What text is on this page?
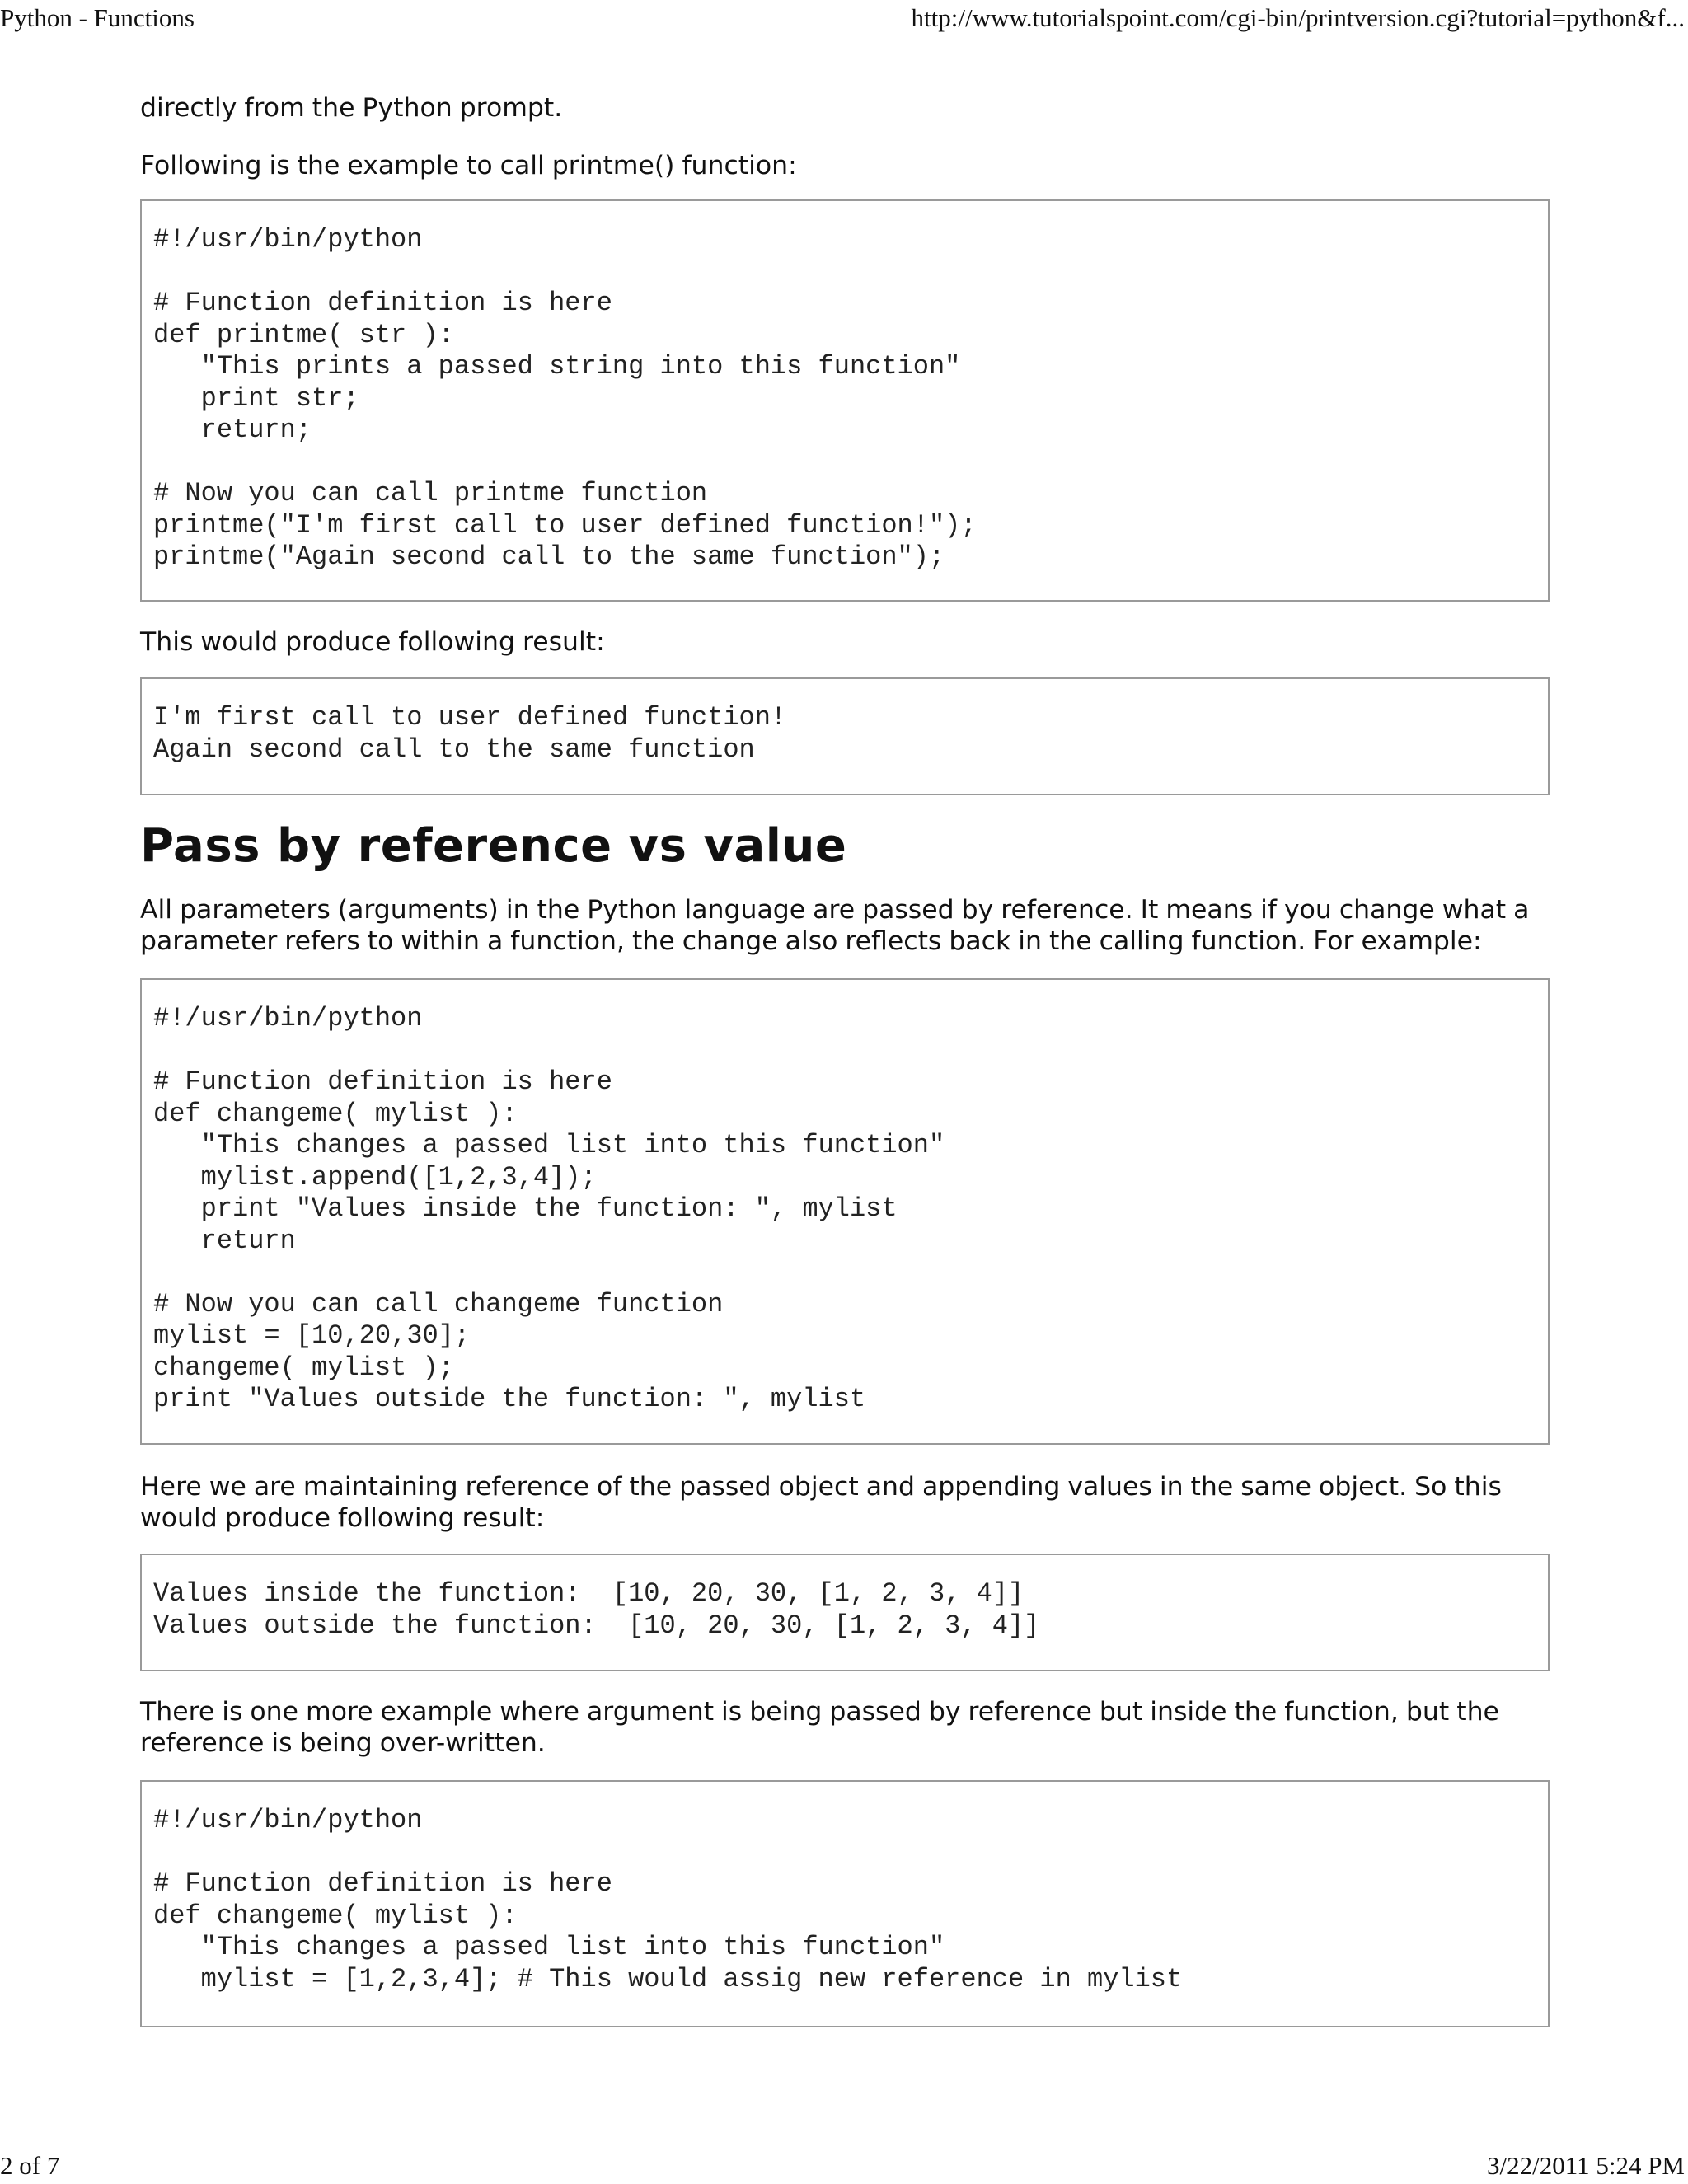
Python - Functions	http://www.tutorialspoint.com/cgi-bin/printversion.cgi?tutorial=python&f...

directly from the Python prompt.

Following is the example to call printme() function:

#!/usr/bin/python

# Function definition is here
def printme( str ):
"This prints a passed string into this function"
print str;
return;

# Now you can call printme function
printme("I'm first call to user defined function!");
printme("Again second call to the same function");

This would produce following result:

I'm first call to user defined function!
Again second call to the same function
Pass by reference vs value

All parameters (arguments) in the Python language are passed by reference. It means if you change what a parameter refers to within a function, the change also reflects back in the calling function. For example:

#!/usr/bin/python

# Function definition is here
def changeme( mylist ):
"This changes a passed list into this function"
mylist.append([1,2,3,4]);
print "Values inside the function: ", mylist
return

# Now you can call changeme function
mylist = [10,20,30];
changeme( mylist );
print "Values outside the function: ", mylist

Here we are maintaining reference of the passed object and appending values in the same object. So this would produce following result:

Values inside the function:  [10, 20, 30, [1, 2, 3, 4]]
Values outside the function:  [10, 20, 30, [1, 2, 3, 4]]

There is one more example where argument is being passed by reference but inside the function, but the reference is being over-written.

#!/usr/bin/python

# Function definition is here
def changeme( mylist ):
"This changes a passed list into this function"
mylist = [1,2,3,4]; # This would assig new reference in mylist
2 of 7	3/22/2011 5:24 PM
